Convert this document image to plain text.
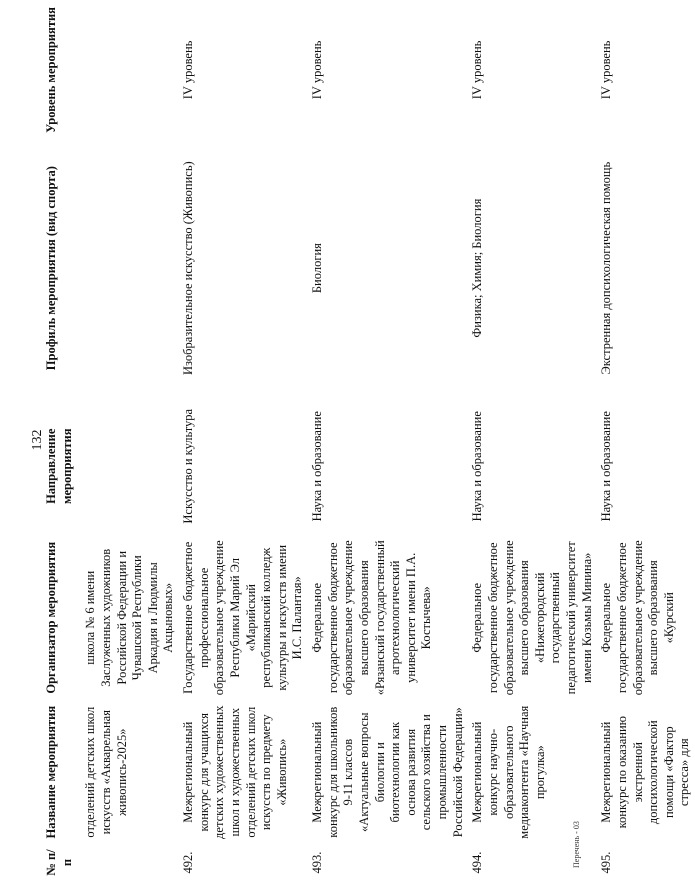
132
№ п/п	Название мероприятия	Организатор мероприятия	Направление мероприятия	Профиль мероприятия (вид спорта)	Уровень мероприятия
	отделений детских школ искусств «Акварельная живопись-2025»	школа № 6 имени Заслуженных художников Российской Федерации и Чувашской Республики Аркадия и Людмилы Акцыновых»			
492.	Межрегиональный конкурс для учащихся детских художественных школ и художественных отделений детских школ искусств по предмету «Живопись»	Государственное бюджетное профессиональное образовательное учреждение Республики Марий Эл «Марийский республиканский колледж культуры и искусств имени И.С. Палантая»	Искусство и культура	Изобразительное искусство (Живопись)	IV уровень
493.	Межрегиональный конкурс для школьников 9-11 классов «Актуальные вопросы биологии и биотехнологии как основа развития сельского хозяйства и промышленности Российской Федерации»	Федеральное государственное бюджетное образовательное учреждение высшего образования «Рязанский государственный агротехнологический университет имени П.А. Костычева»	Наука и образование	Биология	IV уровень
494.	Межрегиональный конкурс научно-образовательного медиаконтента «Научная прогулка»	Федеральное государственное бюджетное образовательное учреждение высшего образования «Нижегородский государственный педагогический университет имени Козьмы Минина»	Наука и образование	Физика; Химия; Биология	IV уровень
495.	Межрегиональный конкурс по оказанию экстренной допсихологической помощи «Фактор стресса» для	Федеральное государственное бюджетное образовательное учреждение высшего образования «Курский	Наука и образование	Экстренная допсихологическая помощь	IV уровень
Перечень - 03
